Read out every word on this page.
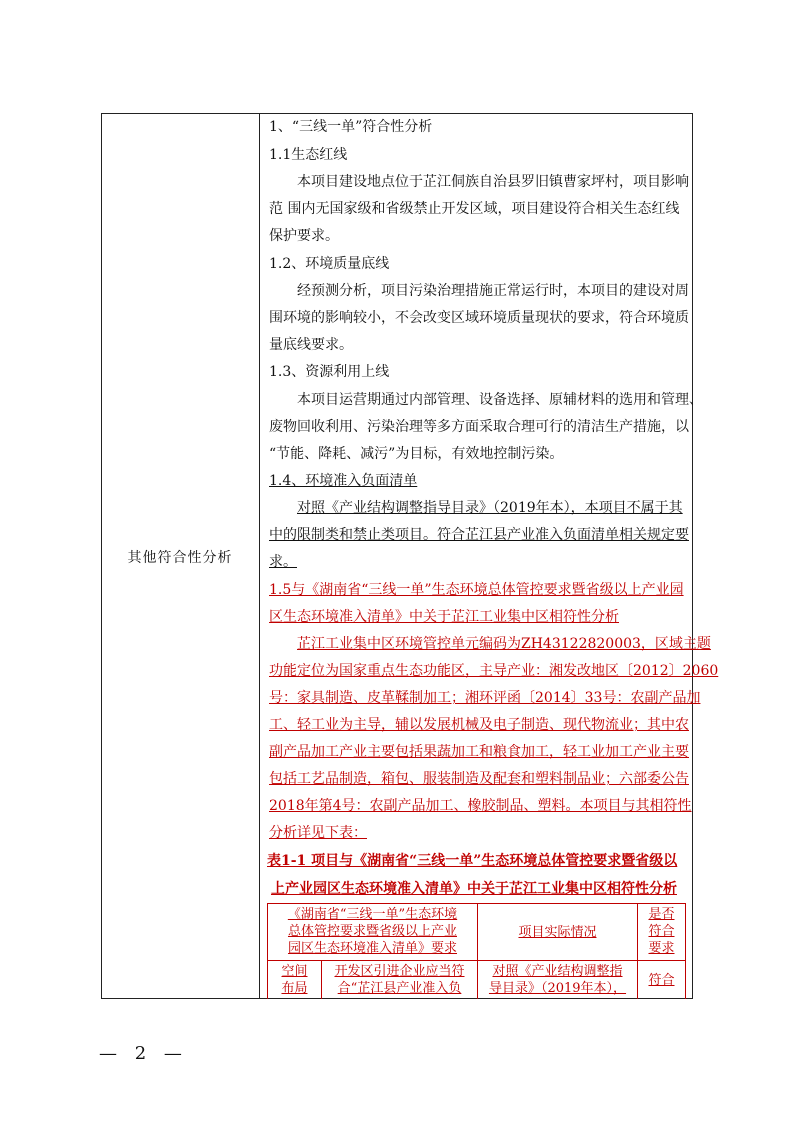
其他符合性分析
1、“三线一单”符合性分析
1.1生态红线
本项目建设地点位于芷江侗族自治县罗旧镇曹家坪村，项目影响
范 围内无国家级和省级禁止开发区域，项目建设符合相关生态红线
保护要求。
1.2、环境质量底线
经预测分析，项目污染治理措施正常运行时，本项目的建设对周
围环境的影响较小，不会改变区域环境质量现状的要求，符合环境质
量底线要求。
1.3、资源利用上线
本项目运营期通过内部管理、设备选择、原辅材料的选用和管理、
废物回收利用、污染治理等多方面采取合理可行的清洁生产措施，以
“节能、降耗、减污”为目标，有效地控制污染。
1.4、环境准入负面清单
对照《产业结构调整指导目录》（2019年本），本项目不属于其
中的限制类和禁止类项目。符合芷江县产业准入负面清单相关规定要
求。
1.5与《湖南省“三线一单”生态环境总体管控要求暨省级以上产业园
区生态环境准入清单》中关于芷江工业集中区相符性分析
芷江工业集中区环境管控单元编码为ZH43122820003，区域主题
功能定位为国家重点生态功能区，主导产业：湘发改地区〔2012〕2060
号：家具制造、皮革鞣制加工；湘环评函〔2014〕33号：农副产品加
工、轻工业为主导，辅以发展机械及电子制造、现代物流业；其中农
副产品加工产业主要包括果蔬加工和粮食加工，轻工业加工产业主要
包括工艺品制造，箱包、服装制造及配套和塑料制品业；六部委公告
2018年第4号：农副产品加工、橡胶制品、塑料。本项目与其相符性
分析详见下表：
表1-1 项目与《湖南省“三线一单”生态环境总体管控要求暨省级以
上产业园区生态环境准入清单》中关于芷江工业集中区相符性分析
《湖南省“三线一单”生态环境
总体管控要求暨省级以上产业
园区生态环境准入清单》要求
项目实际情况
是否
符合
要求
空间
布局
开发区引进企业应当符
合“芷江县产业准入负
对照《产业结构调整指
导目录》（2019年本），
符合
— 2 —
